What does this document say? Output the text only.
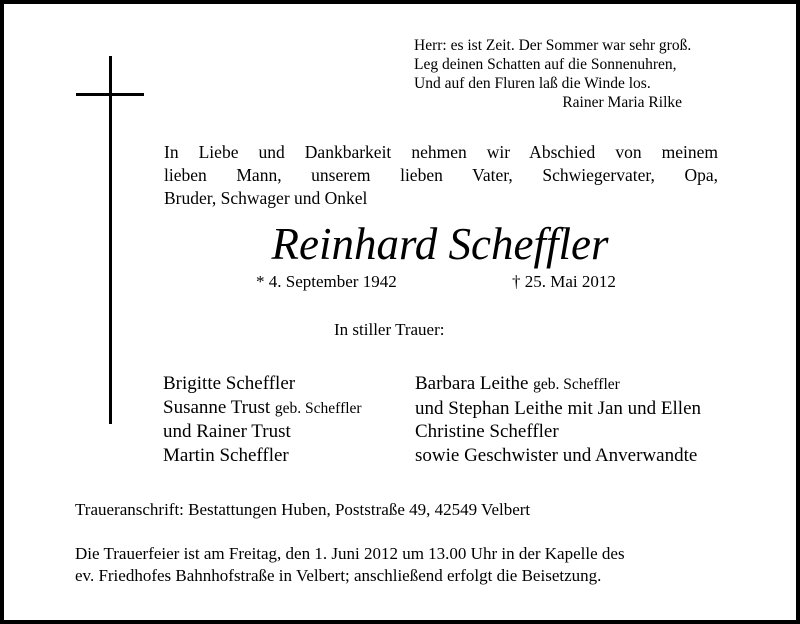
Herr: es ist Zeit. Der Sommer war sehr groß.
Leg deinen Schatten auf die Sonnenuhren,
Und auf den Fluren laß die Winde los.
Rainer Maria Rilke
In Liebe und Dankbarkeit nehmen wir Abschied von meinem
lieben Mann, unserem lieben Vater, Schwiegervater, Opa,
Bruder, Schwager und Onkel
Reinhard Scheffler
* 4. September 1942	† 25. Mai 2012
In stiller Trauer:
Brigitte Scheffler
Susanne Trust geb. Scheffler
und Rainer Trust
Martin Scheffler
Barbara Leithe geb. Scheffler
und Stephan Leithe mit Jan und Ellen
Christine Scheffler
sowie Geschwister und Anverwandte
Traueranschrift: Bestattungen Huben, Poststraße 49, 42549 Velbert
Die Trauerfeier ist am Freitag, den 1. Juni 2012 um 13.00 Uhr in der Kapelle des
ev. Friedhofes Bahnhofstraße in Velbert; anschließend erfolgt die Beisetzung.
